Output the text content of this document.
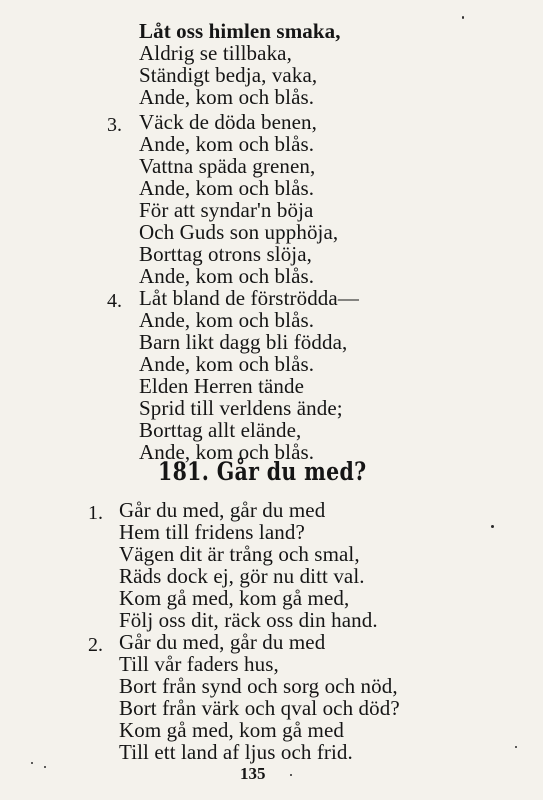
Låt oss himlen smaka,
Aldrig se tillbaka,
Ständigt bedja, vaka,
Ande, kom och blås.
3. Väck de döda benen,
Ande, kom och blås.
Vattna späda grenen,
Ande, kom och blås.
För att syndar'n böja
Och Guds son upphöja,
Borttag otrons slöja,
Ande, kom och blås.
4. Låt bland de förströdda—
Ande, kom och blås.
Barn likt dagg bli födda,
Ande, kom och blås.
Elden Herren tände
Sprid till verldens ände;
Borttag allt elände,
Ande, kom och blås.
181. Går du med?
1. Går du med, går du med
Hem till fridens land?
Vägen dit är trång och smal,
Räds dock ej, gör nu ditt val.
Kom gå med, kom gå med,
Följ oss dit, räck oss din hand.
2. Går du med, går du med
Till vår faders hus,
Bort från synd och sorg och nöd,
Bort från värk och qval och död?
Kom gå med, kom gå med
Till ett land af ljus och frid.
135
